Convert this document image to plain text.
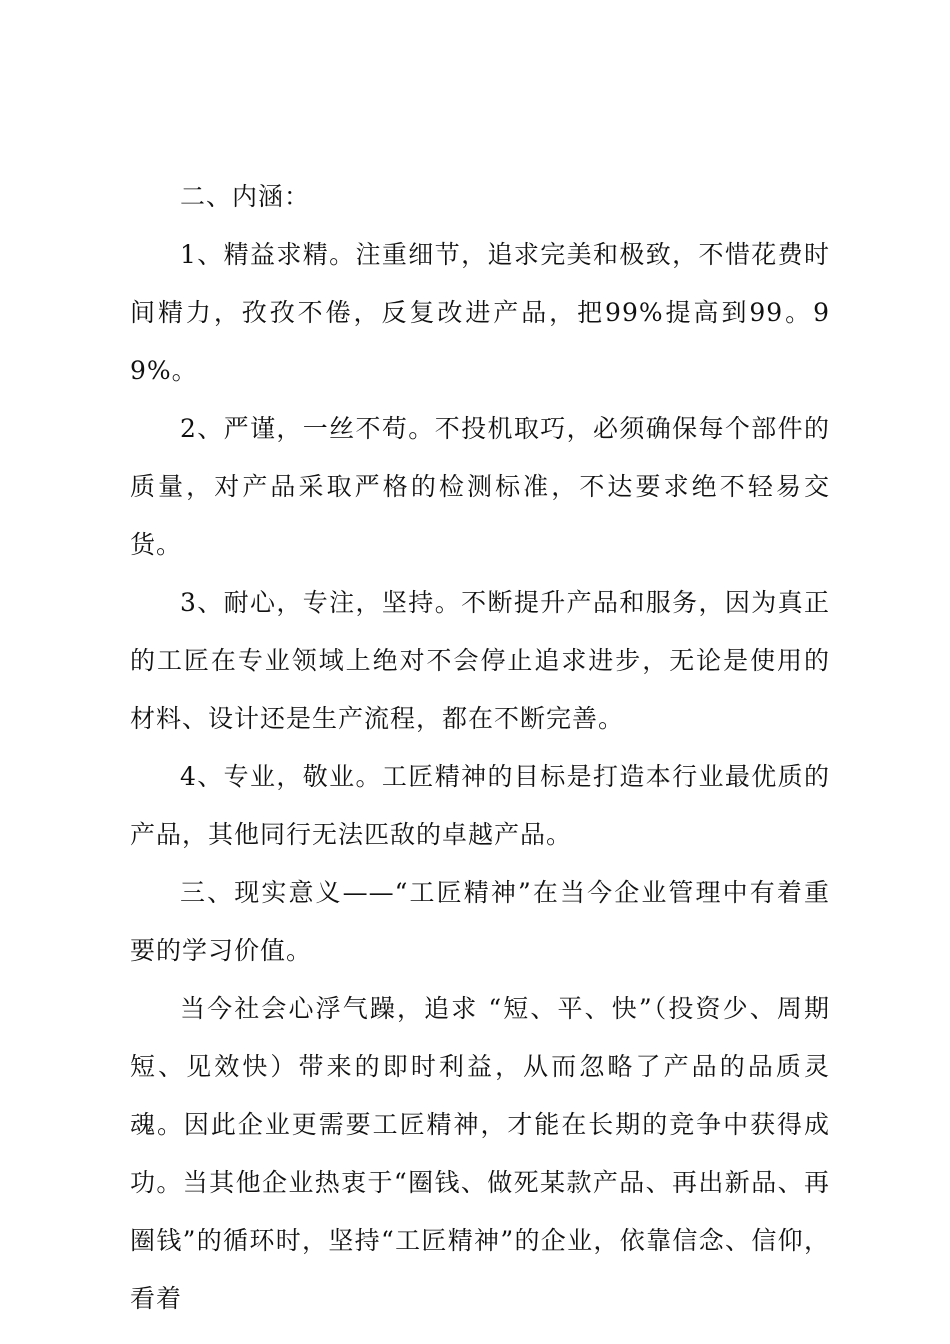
二、内涵：

1、精益求精。注重细节，追求完美和极致，不惜花费时间精力，孜孜不倦，反复改进产品，把99%提高到99。99%。

2、严谨，一丝不苟。不投机取巧，必须确保每个部件的质量，对产品采取严格的检测标准，不达要求绝不轻易交货。

3、耐心，专注，坚持。不断提升产品和服务，因为真正的工匠在专业领域上绝对不会停止追求进步，无论是使用的材料、设计还是生产流程，都在不断完善。

4、专业，敬业。工匠精神的目标是打造本行业最优质的产品，其他同行无法匹敌的卓越产品。

三、现实意义——“工匠精神”在当今企业管理中有着重要的学习价值。

当今社会心浮气躁，追求 “短、平、快”（投资少、周期短、见效快）带来的即时利益，从而忽略了产品的品质灵魂。因此企业更需要工匠精神，才能在长期的竞争中获得成功。当其他企业热衷于“圈钱、做死某款产品、再出新品、再圈钱”的循环时，坚持“工匠精神”的企业，依靠信念、信仰，看着
